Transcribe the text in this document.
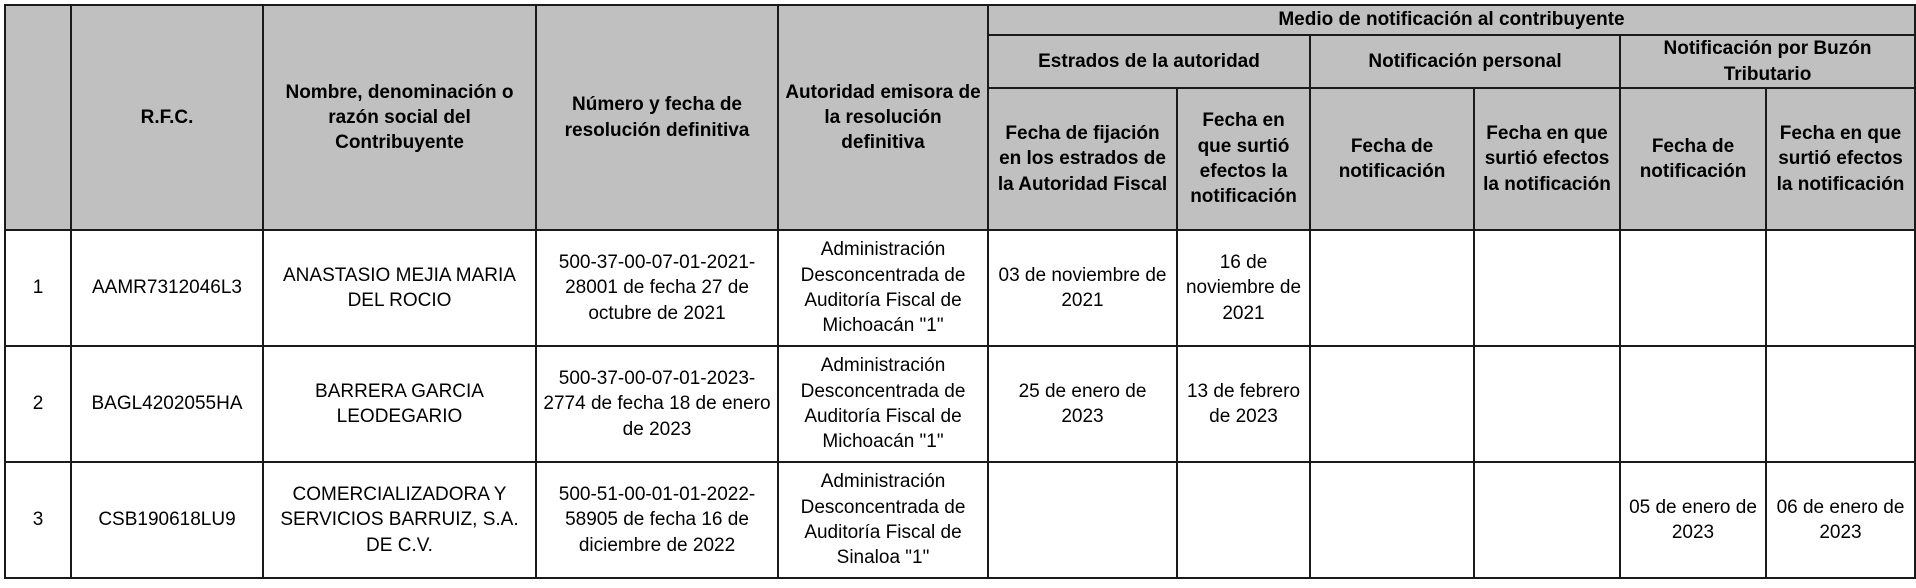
	R.F.C.	Nombre, denominación o razón social del Contribuyente	Número y fecha de resolución definitiva	Autoridad emisora de la resolución definitiva	Medio de notificación al contribuyente					
					Estrados de la autoridad		Notificación personal		Notificación por Buzón Tributario	
					Fecha de fijación en los estrados de la Autoridad Fiscal	Fecha en que surtió efectos la notificación	Fecha de notificación	Fecha en que surtió efectos la notificación	Fecha de notificación	Fecha en que surtió efectos la notificación
1	AAMR7312046L3	ANASTASIO MEJIA MARIA DEL ROCIO	500-37-00-07-01-2021-28001 de fecha 27 de octubre de 2021	Administración Desconcentrada de Auditoría Fiscal de Michoacán "1"	03 de noviembre de 2021	16 de noviembre de 2021				
2	BAGL4202055HA	BARRERA GARCIA LEODEGARIO	500-37-00-07-01-2023-2774 de fecha 18 de enero de 2023	Administración Desconcentrada de Auditoría Fiscal de Michoacán "1"	25 de enero de 2023	13 de febrero de 2023				
3	CSB190618LU9	COMERCIALIZADORA Y SERVICIOS BARRUIZ, S.A. DE C.V.	500-51-00-01-01-2022-58905 de fecha 16 de diciembre de 2022	Administración Desconcentrada de Auditoría Fiscal de Sinaloa "1"					05 de enero de 2023	06 de enero de 2023
